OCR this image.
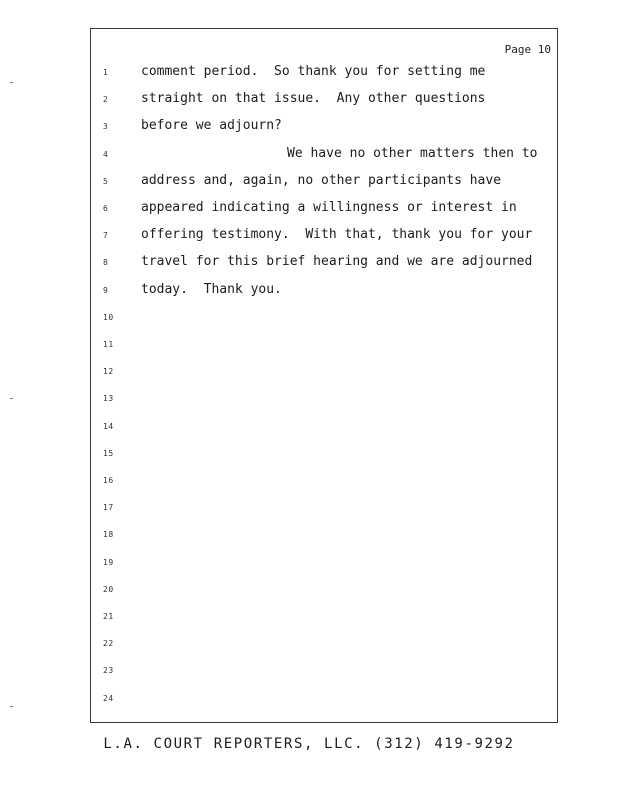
Page 10
1	comment period.  So thank you for setting me
2	straight on that issue.  Any other questions
3	before we adjourn?
4	We have no other matters then to
5	address and, again, no other participants have
6	appeared indicating a willingness or interest in
7	offering testimony.  With that, thank you for your
8	travel for this brief hearing and we are adjourned
9	today.  Thank you.
10
11
12
13
14
15
16
17
18
19
20
21
22
23
24
L.A. COURT REPORTERS, LLC. (312) 419-9292
